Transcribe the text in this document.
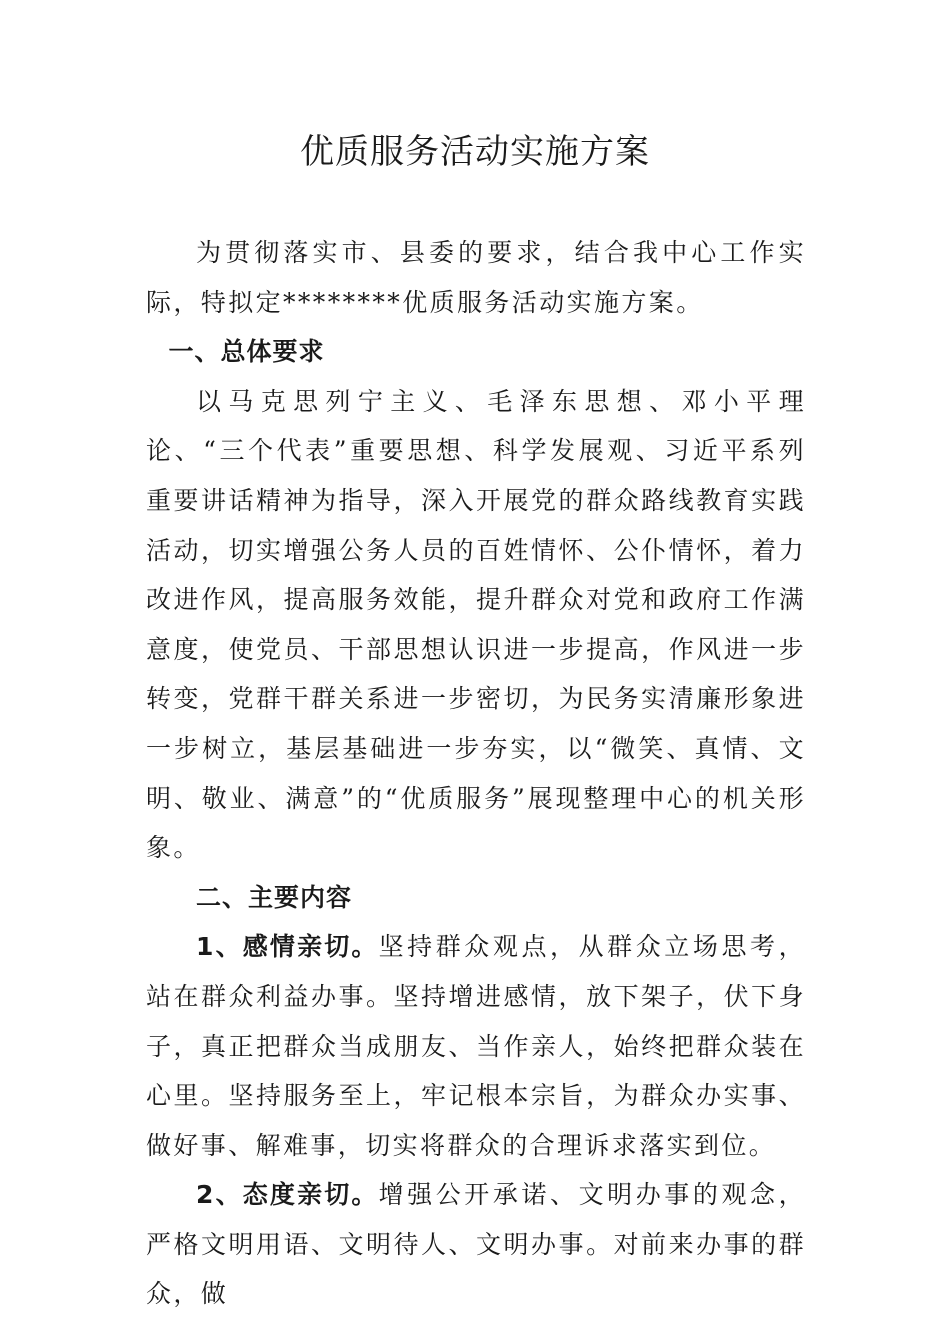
优质服务活动实施方案

为贯彻落实市、县委的要求，结合我中心工作实际，特拟定********优质服务活动实施方案。

一、总体要求

以马克思列宁主义、毛泽东思想、邓小平理论、“三个代表”重要思想、科学发展观、习近平系列重要讲话精神为指导，深入开展党的群众路线教育实践活动，切实增强公务人员的百姓情怀、公仆情怀，着力改进作风，提高服务效能，提升群众对党和政府工作满意度，使党员、干部思想认识进一步提高，作风进一步转变，党群干群关系进一步密切，为民务实清廉形象进一步树立，基层基础进一步夯实，以“微笑、真情、文明、敬业、满意”的“优质服务”展现整理中心的机关形象。

二、主要内容

1、感情亲切。坚持群众观点，从群众立场思考，站在群众利益办事。坚持增进感情，放下架子，伏下身子，真正把群众当成朋友、当作亲人，始终把群众装在心里。坚持服务至上，牢记根本宗旨，为群众办实事、做好事、解难事，切实将群众的合理诉求落实到位。

2、态度亲切。增强公开承诺、文明办事的观念，严格文明用语、文明待人、文明办事。对前来办事的群众，做
